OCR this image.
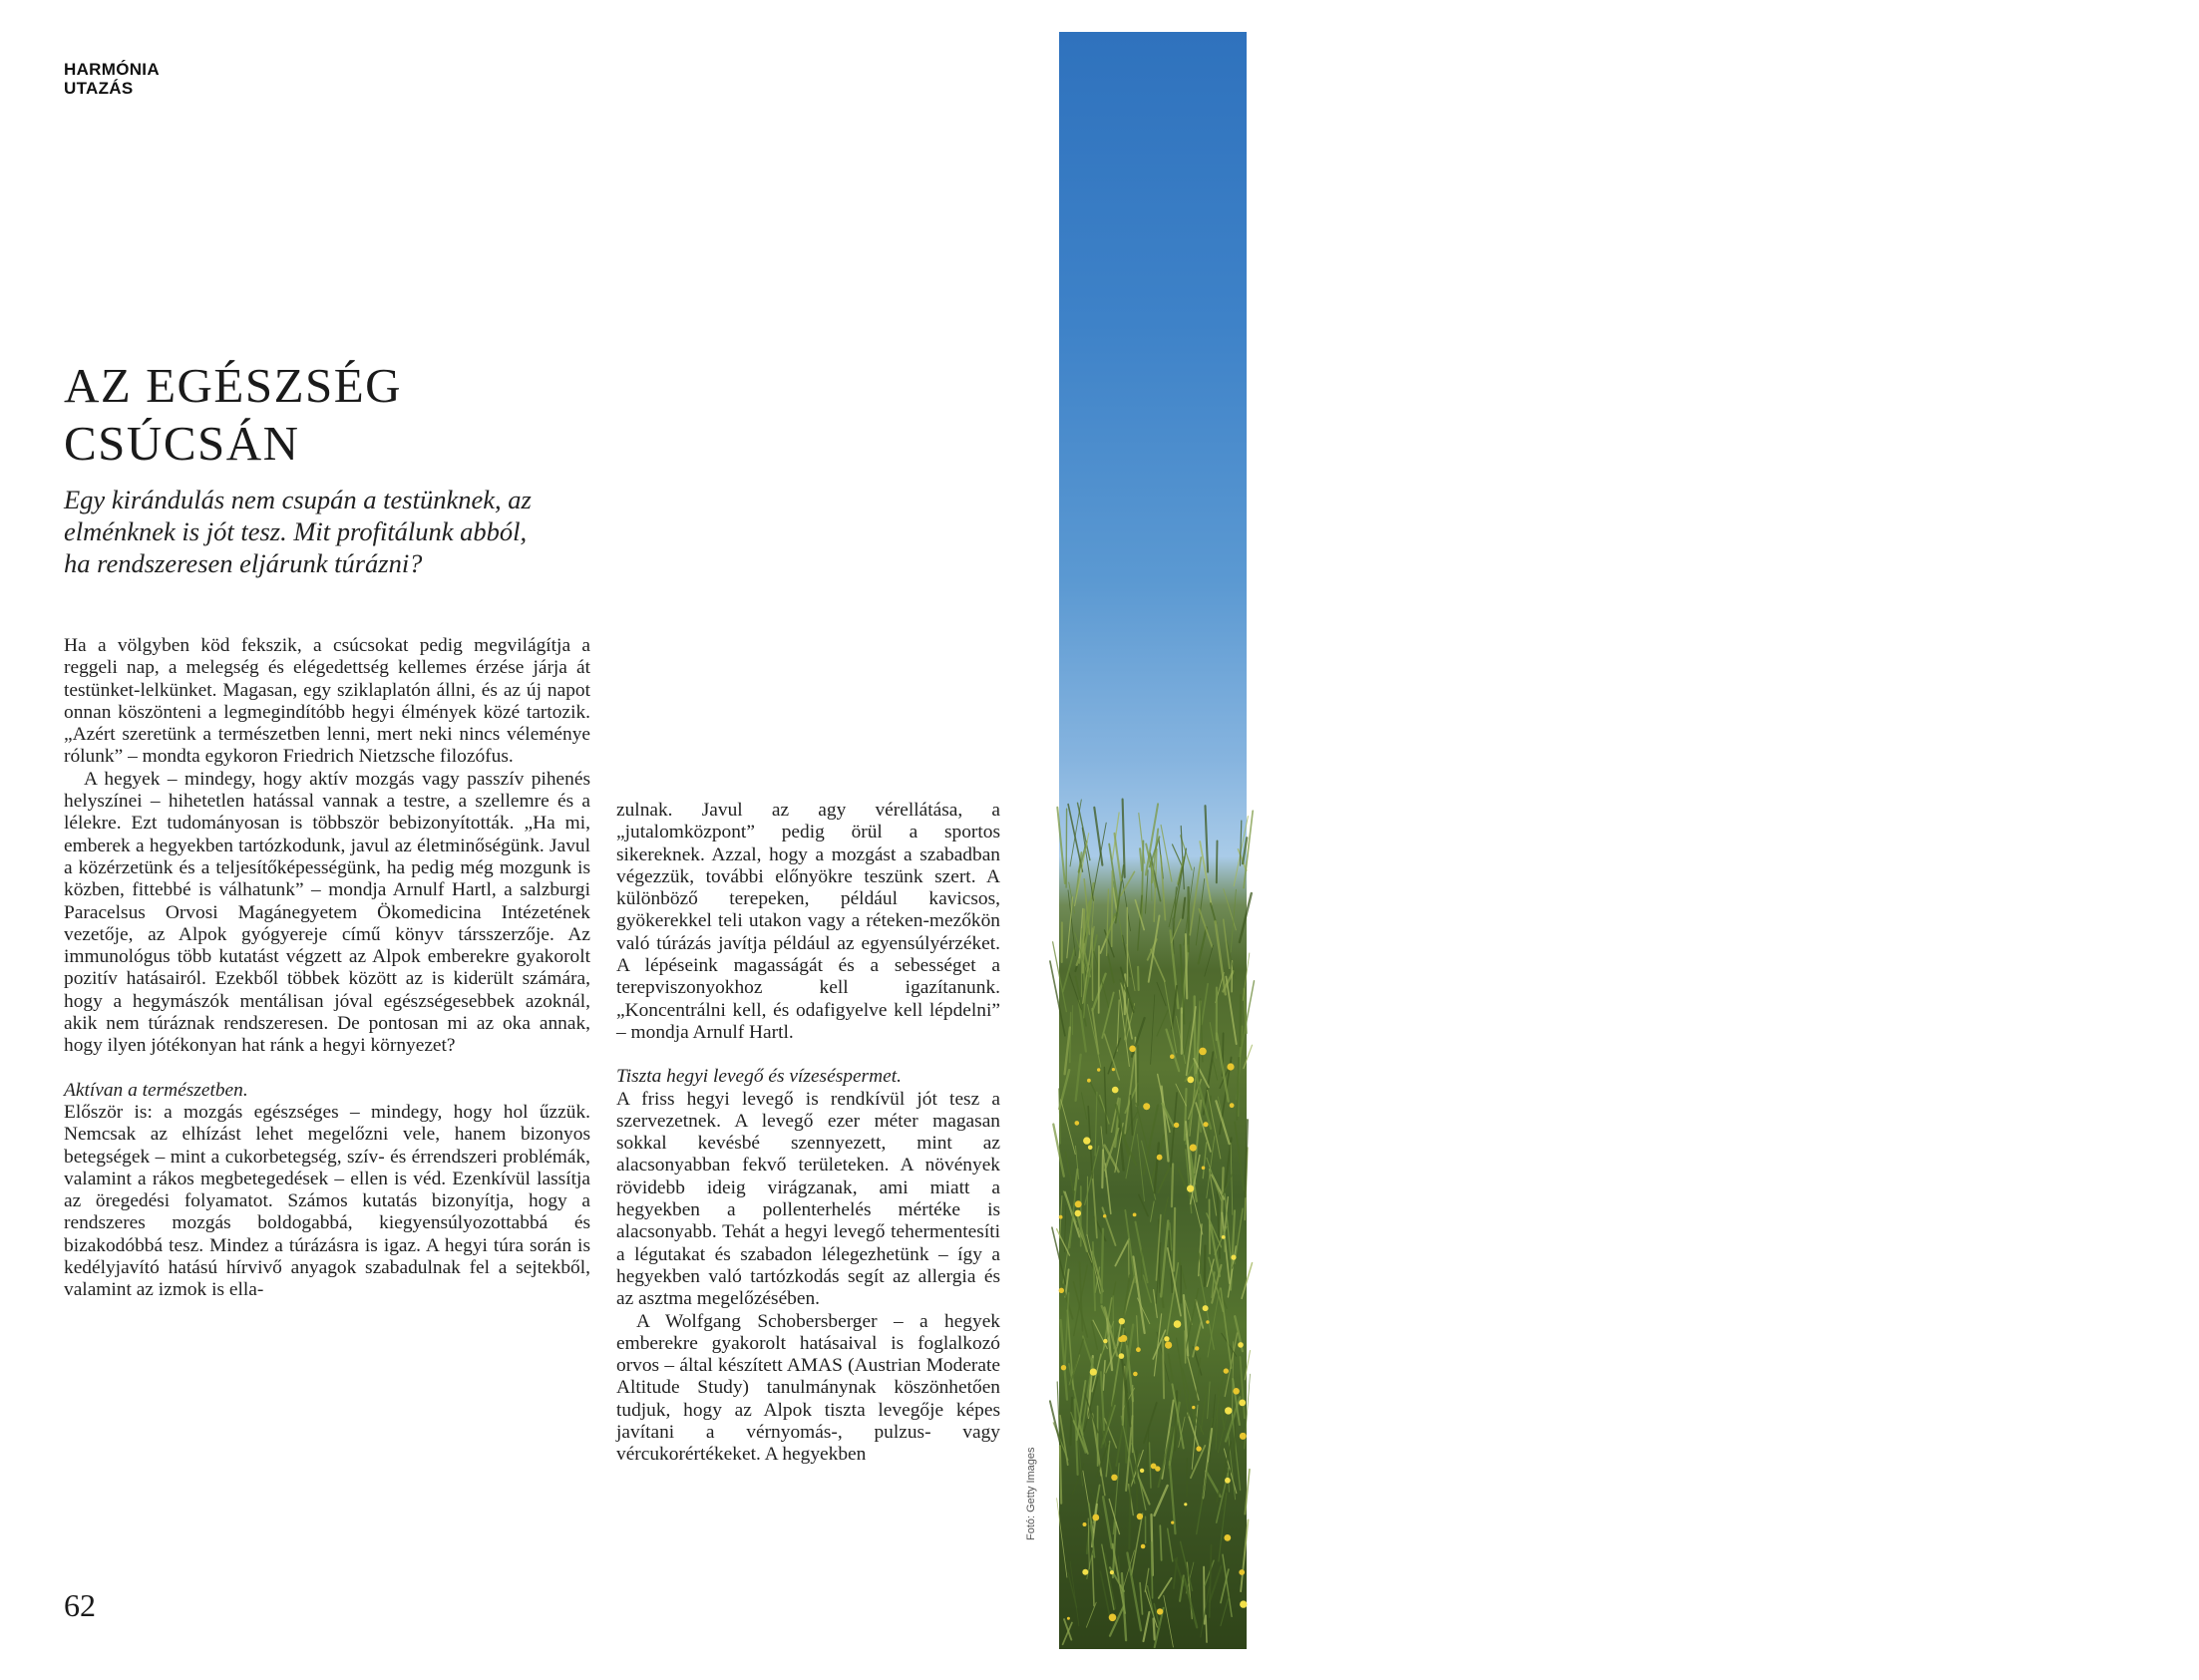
HARMÓNIA
UTAZÁS
AZ EGÉSZSÉG
CSÚCSÁN

Egy kirándulás nem csupán a testünknek, az elménknek is jót tesz. Mit profitálunk abból, ha rendszeresen eljárunk túrázni?

Ha a völgyben köd fekszik, a csúcsokat pedig megvilágítja a reggeli nap, a melegség és elégedettség kellemes érzése járja át testünket-lelkünket. Magasan, egy sziklaplatón állni, és az új napot onnan köszönteni a legmegindítóbb hegyi élmények közé tartozik. „Azért szeretünk a természetben lenni, mert neki nincs véleménye rólunk” – mondta egykoron Friedrich Nietzsche filozófus.

A hegyek – mindegy, hogy aktív mozgás vagy passzív pihenés helyszínei – hihetetlen hatással vannak a testre, a szellemre és a lélekre. Ezt tudományosan is többször bebizonyították. „Ha mi, emberek a hegyekben tartózkodunk, javul az életminőségünk. Javul a közérzetünk és a teljesítőképességünk, ha pedig még mozgunk is közben, fittebbé is válhatunk” – mondja Arnulf Hartl, a salzburgi Paracelsus Orvosi Magánegyetem Ökomedicina Intézetének vezetője, az Alpok gyógyereje című könyv társszerzője. Az immunológus több kutatást végzett az Alpok emberekre gyakorolt pozitív hatásairól. Ezekből többek között az is kiderült számára, hogy a hegymászók mentálisan jóval egészségesebbek azoknál, akik nem túráznak rendszeresen. De pontosan mi az oka annak, hogy ilyen jótékonyan hat ránk a hegyi környezet?

Aktívan a természetben.

Először is: a mozgás egészséges – mindegy, hogy hol űzzük. Nemcsak az elhízást lehet megelőzni vele, hanem bizonyos betegségek – mint a cukorbetegség, szív- és érrendszeri problémák, valamint a rákos megbetegedések – ellen is véd. Ezenkívül lassítja az öregedési folyamatot. Számos kutatás bizonyítja, hogy a rendszeres mozgás boldogabbá, kiegyensúlyozottabbá és bizakodóbbá tesz. Mindez a túrázásra is igaz. A hegyi túra során is kedélyjavító hatású hírvivő anyagok szabadulnak fel a sejtekből, valamint az izmok is ella-

zulnak. Javul az agy vérellátása, a „jutalomközpont” pedig örül a sportos sikereknek. Azzal, hogy a mozgást a szabadban végezzük, további előnyökre teszünk szert. A különböző terepeken, például kavicsos, gyökerekkel teli utakon vagy a réteken-mezőkön való túrázás javítja például az egyensúlyérzéket. A lépéseink magasságát és a sebességet a terepviszonyokhoz kell igazítanunk. „Koncentrálni kell, és odafigyelve kell lépdelni” – mondja Arnulf Hartl.

Tiszta hegyi levegő és vízeséspermet.

A friss hegyi levegő is rendkívül jót tesz a szervezetnek. A levegő ezer méter magasan sokkal kevésbé szennyezett, mint az alacsonyabban fekvő területeken. A növények rövidebb ideig virágzanak, ami miatt a hegyekben a pollenterhelés mértéke is alacsonyabb. Tehát a hegyi levegő tehermentesíti a légutakat és szabadon lélegezhetünk – így a hegyekben való tartózkodás segít az allergia és az asztma megelőzésében.

A Wolfgang Schobersberger – a hegyek emberekre gyakorolt hatásaival is foglalkozó orvos – által készített AMAS (Austrian Moderate Altitude Study) tanulmánynak köszönhetően tudjuk, hogy az Alpok tiszta levegője képes javítani a vérnyomás-, pulzus- vagy vércukorértékeket. A hegyekben

ACTIVE
BEAUTY
Fotó: Getty Images
62
